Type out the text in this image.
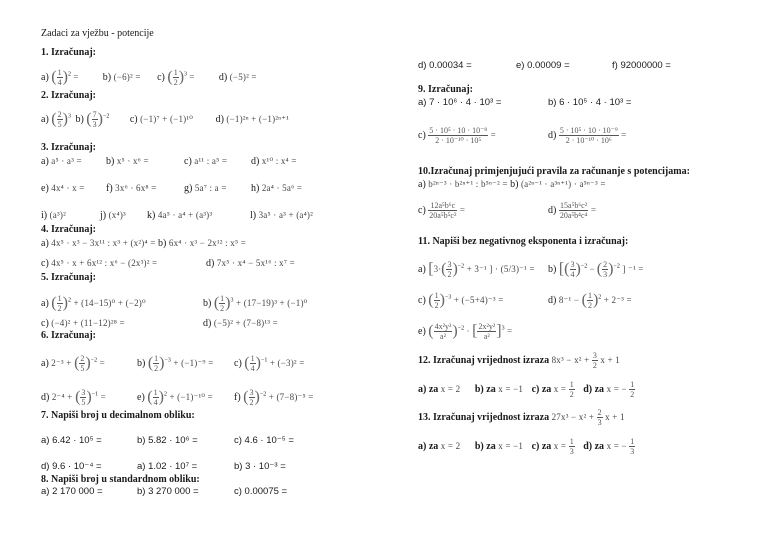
Zadaci za vježbu - potencije
1. Izračunaj:
a) ( $\frac{1}{4} )^2 = b$) (−6)² = c) ( $\frac{1}{2} )^3 = d$) (−5)² =
2. Izračunaj:
a) ( $\frac{2}{5} )^3$ b) ( $\frac{7}{3} )^{-2}$ c) (−1)⁷ + (−1)¹⁰ d) (−1)²ⁿ + (−1)²ⁿ⁺¹
3. Izračunaj:
a) a⁵ · a³ = b) x⁵ · x⁶ =	c) a¹¹ : a⁵ = d) x¹⁰ : x⁴ =
e) 4x⁴ · x = f) 3x⁶ · 6x⁸ =	g) 5a⁷ : a = h) 2a⁴ · 5a⁶ =
i) (a³)²	j) (x⁴)³ k) 4a⁵ · a⁴ + (a³)³	l) 3a⁵ · a³ + (a⁴)²
4. Izračunaj:
a) 4x⁵ · x³ − 3x¹¹ : x³ + (x²)⁴ = b) 6x⁴ · x³ − 2x¹² : x⁵ =
c) 4x⁵ · x + 6x¹² : x⁶ − (2x³)² =	d) 7x⁵ · x⁴ − 5x¹⁶ : x⁷ =
5. Izračunaj:
a) ( $\frac{1}{2} )^2 + (14-15)^0 + (-2)^0$	b) ( $\frac{1}{2} )^3 + (17-19)^3 + (-1)^0$
c) (−4)² + (11−12)²⁸ =	d) (−5)² + (7−8)¹³ =
6. Izračunaj:
a) 2⁻³ + ( $\frac{2}{5} )^{-2}$ =	b) ( $\frac{1}{2} )^{-3} + (-1)^{-9} = c$) ( $\frac{1}{4} )^{-1} + (-3)^2$ =
d) 2⁻⁴ + ( $\frac{3}{5} )^{-1}$ =	e) ( $\frac{1}{4} )^2 + (-1)^{-10} = f$) ( $\frac{3}{2} )^{-2} + (7-8)^{-5}$ =
7. Napiši broj u decimalnom obliku:
a) 6.42 · 10⁵ =	b) 5.82 · 10⁶ =	c) 4.6 · 10⁻⁵ =
d) 9.6 · 10⁻⁴ =	a) 1.02 · 10⁷ =	b) 3 · 10⁻³ =
8. Napiši broj u standardnom obliku:
a) 2 170 000 =	b) 3 270 000 =	c) 0.00075 =
d) 0.00034 =	e) 0.00009 =	f) 92000000 =
9. Izračunaj:
a) 7 · 10⁶ · 4 · 10³ =	b) 6 · 10⁵ · 4 · 10³ =
$c) \frac{\text{5 · 10⁵ · 10 · 10⁻⁸}}{\text{2 · 10⁻¹⁰ · 10⁵}}$ =	$d) \frac{\text{5 · 10⁵ · 10 · 10⁻⁹}}{\text{2 · 10⁻¹⁰ · 10⁶}}$ =
10.Izračunaj primjenjujući pravila za računanje s potencijama:
a) b²ⁿ⁻³ · b²ⁿ⁺¹ : b⁵ⁿ⁻² = b) (a²ⁿ⁻¹ · a³ⁿ⁺¹) · a⁵ⁿ⁻³ =
$c) \frac{\text{12a⁵b⁶c}}{\text{20a⁵b⁵c²}}$ =	$d) \frac{\text{15a⁵b⁶c²}}{\text{20a⁵b⁴c⁴}}$ =
11. Napiši bez negativnog eksponenta i izračunaj:
a) [$3\cdot( \frac{3}{2} )^{-2} + 3^{-1}$ ] · (5/3)⁻¹ = b) [( $\frac{3}{4} )^{-2}$ − ( $\frac{2}{3} )^{-2}$ ] ⁻¹ =
c) ( $\frac{1}{2} )^{-3} + (-5+4)^{-3}$ =	d) 8⁻¹ − ( $\frac{1}{2} )^2 + 2^{-3}$ =
e) ( $\frac{\text{4x²y³}}{\text{a²}} )^{-2}$ · [ $\frac{\text{2x²y²}}{\text{a²}} ]^3$ =
12. Izračunaj vrijednost izraza $8x^3 - x^2 + \frac{3}{2}$ x + 1
a) za x = 2 b) za x = −1 c) za $x = \frac{1}{2} d$) za x = − $\frac{1}{2}$
13. Izračunaj vrijednost izraza $27x^3 - x^2 + \frac{2}{3}$ x + 1
a) za x = 2 b) za x = −1 c) za $x = \frac{1}{3} d$) za x = − $\frac{1}{3}$
